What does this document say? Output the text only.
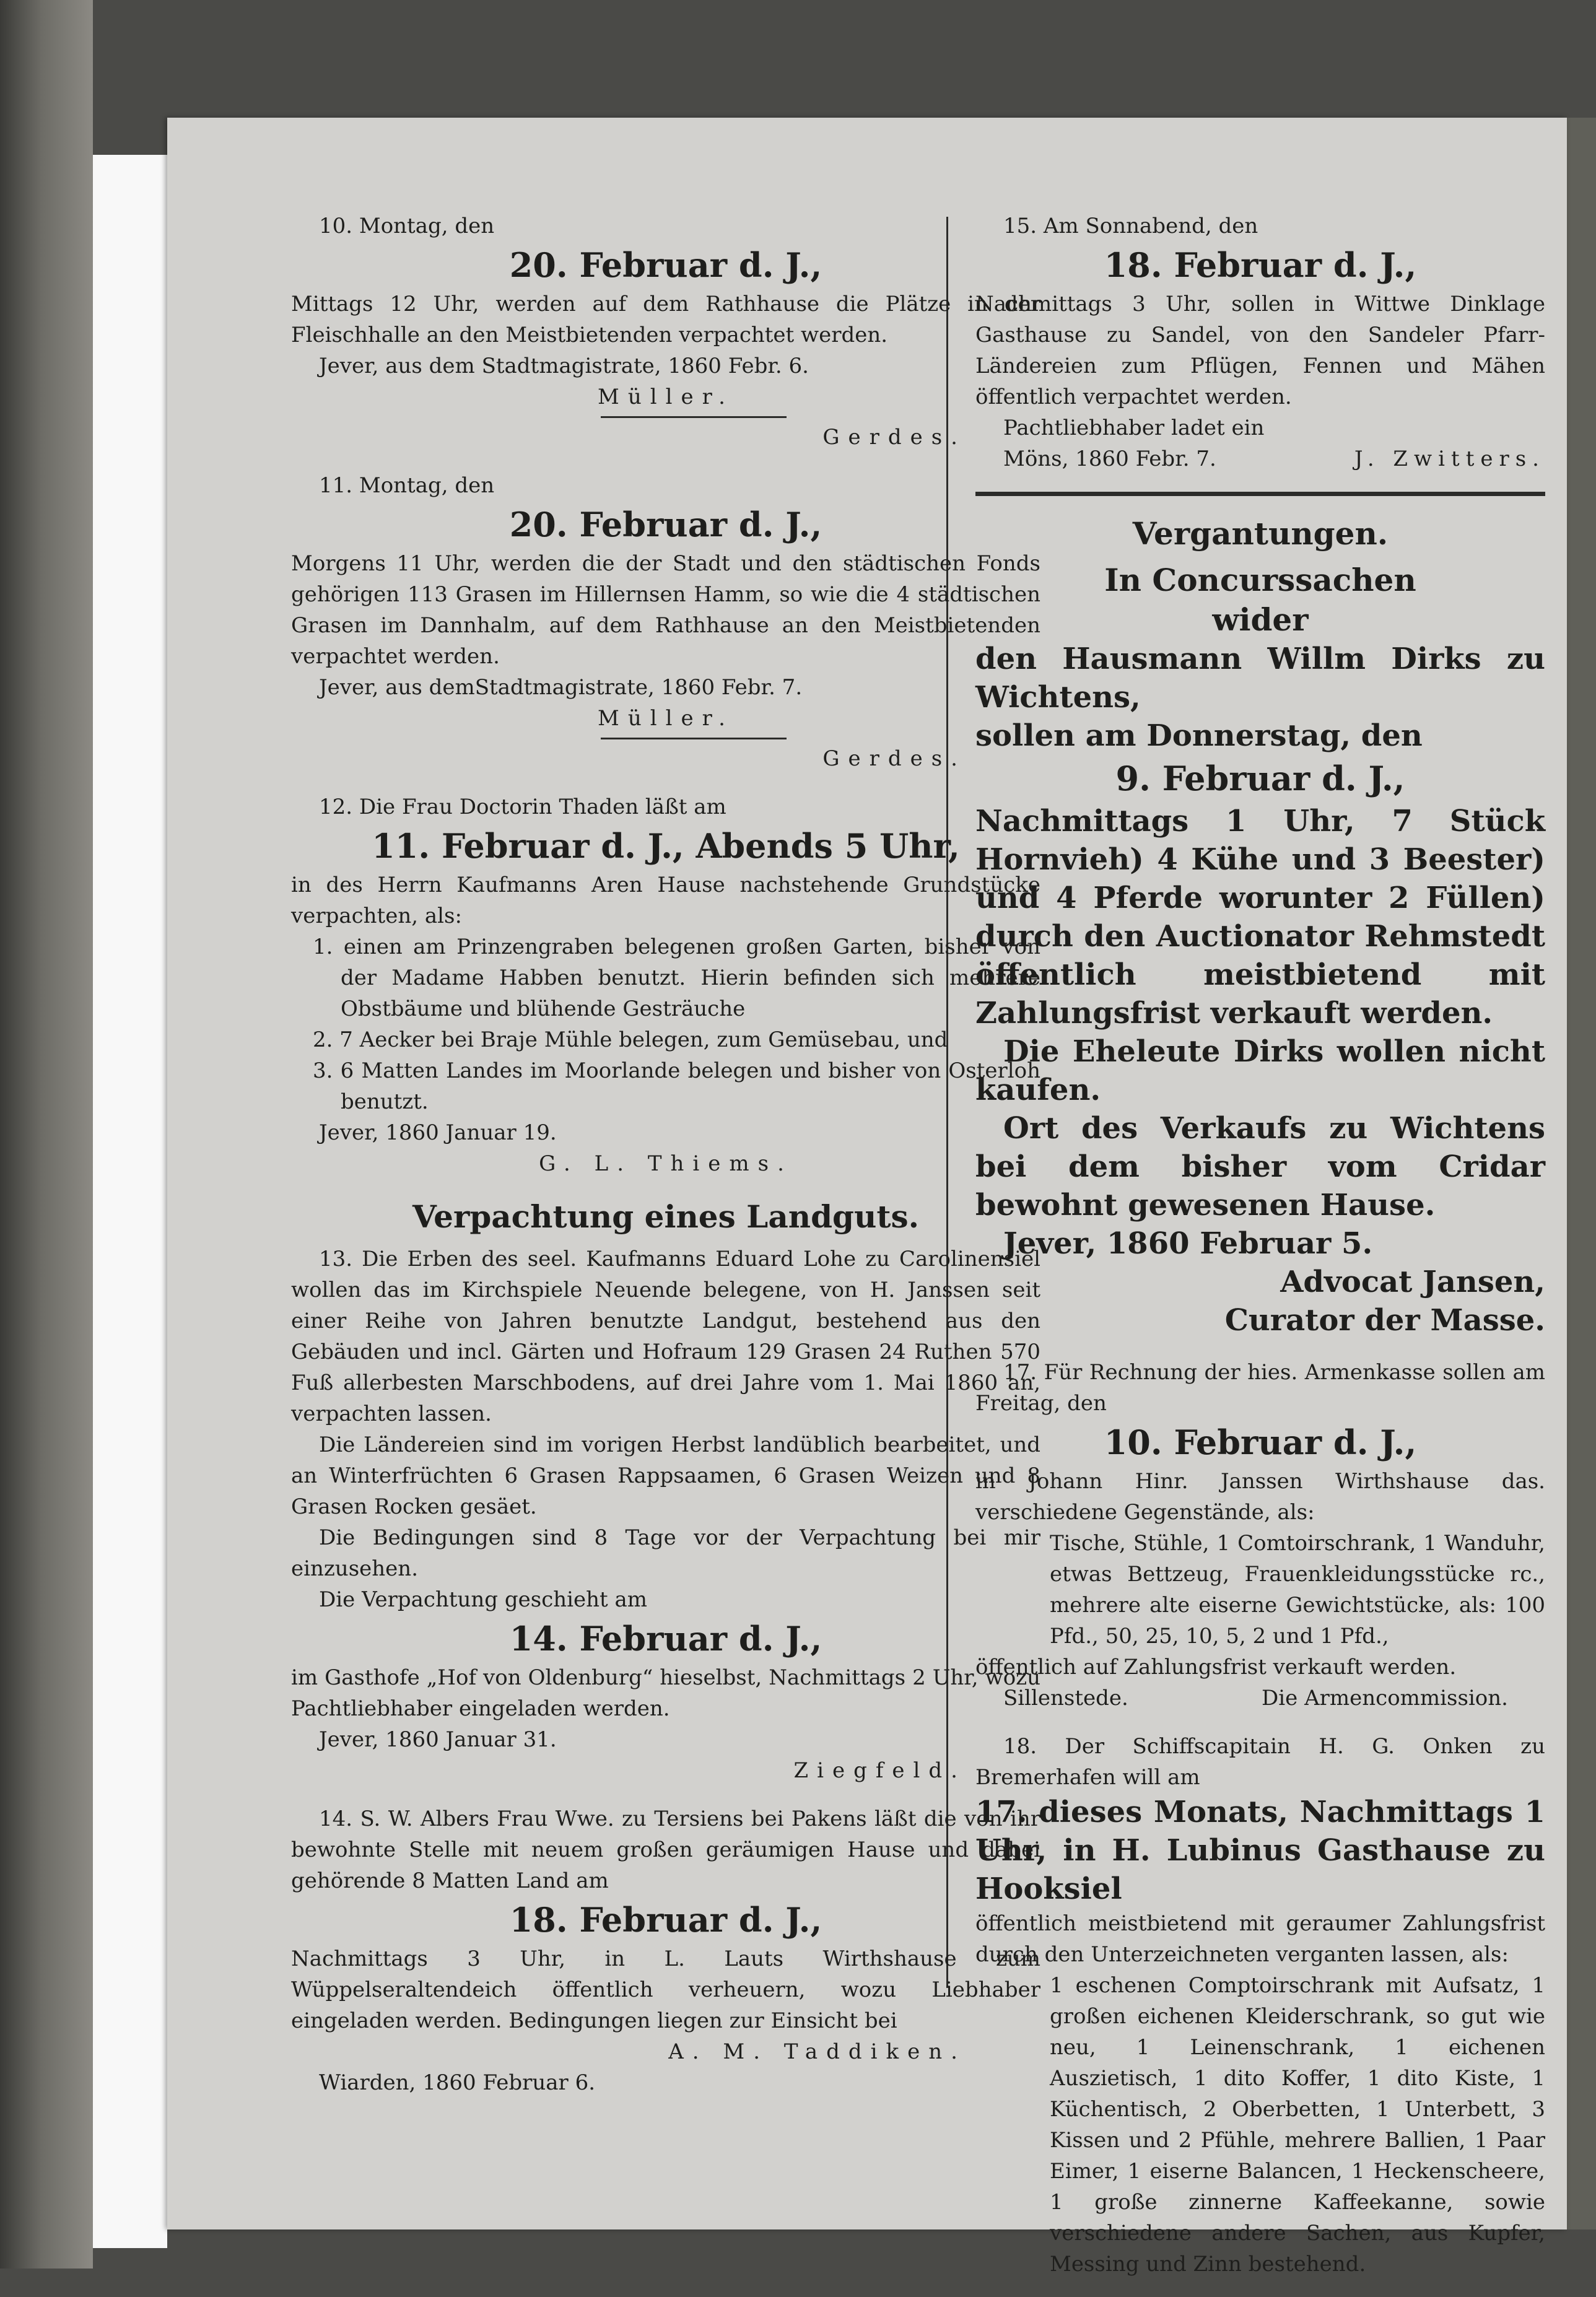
10. Montag, den

20. Februar d. J.,

Mittags 12 Uhr, werden auf dem Rathhause die Plätze in der Fleischhalle an den Meistbietenden verpachtet werden.

Jever, aus dem Stadtmagistrate, 1860 Febr. 6.

Müller.
Gerdes.

11. Montag, den

20. Februar d. J.,

Morgens 11 Uhr, werden die der Stadt und den städtischen Fonds gehörigen 113 Grasen im Hillernsen Hamm, so wie die 4 städtischen Grasen im Dannhalm, auf dem Rathhause an den Meistbietenden verpachtet werden.

Jever, aus demStadtmagistrate, 1860 Febr. 7.

Müller.
Gerdes.

12. Die Frau Doctorin Thaden läßt am

11. Februar d. J., Abends 5 Uhr,

in des Herrn Kaufmanns Aren Hause nachstehende Grundstücke verpachten, als:

1. einen am Prinzengraben belegenen großen Garten, bisher von der Madame Habben benutzt. Hierin befinden sich mehrere Obstbäume und blühende Gesträuche
2. 7 Aecker bei Braje Mühle belegen, zum Gemüsebau, und
3. 6 Matten Landes im Moorlande belegen und bisher von Osterloh benutzt.

Jever, 1860 Januar 19.

G. L. Thiems.
Verpachtung eines Landguts.

13. Die Erben des seel. Kaufmanns Eduard Lohe zu Carolinensiel wollen das im Kirchspiele Neuende belegene, von H. Janssen seit einer Reihe von Jahren benutzte Landgut, bestehend aus den Gebäuden und incl. Gärten und Hofraum 129 Grasen 24 Ruthen 570 Fuß allerbesten Marschbodens, auf drei Jahre vom 1. Mai 1860 an, verpachten lassen.

Die Ländereien sind im vorigen Herbst landüblich bearbeitet, und an Winterfrüchten 6 Grasen Rappsaamen, 6 Grasen Weizen und 8 Grasen Rocken gesäet.

Die Bedingungen sind 8 Tage vor der Verpachtung bei mir einzusehen.

Die Verpachtung geschieht am

14. Februar d. J.,

im Gasthofe „Hof von Oldenburg“ hieselbst, Nachmittags 2 Uhr, wozu Pachtliebhaber eingeladen werden.

Jever, 1860 Januar 31.

Ziegfeld.

14. S. W. Albers Frau Wwe. zu Tersiens bei Pakens läßt die von ihr bewohnte Stelle mit neuem großen geräumigen Hause und dabei gehörende 8 Matten Land am

18. Februar d. J.,

Nachmittags 3 Uhr, in L. Lauts Wirthshause zum Wüppelseraltendeich öffentlich verheuern, wozu Liebhaber eingeladen werden. Bedingungen liegen zur Einsicht bei

A. M. Taddiken.

Wiarden, 1860 Februar 6.

15. Am Sonnabend, den

18. Februar d. J.,

Nachmittags 3 Uhr, sollen in Wittwe Dinklage Gasthause zu Sandel, von den Sandeler Pfarr-Ländereien zum Pflügen, Fennen und Mähen öffentlich verpachtet werden.

Pachtliebhaber ladet ein

Möns, 1860 Febr. 7.	J. Zwitters.
Vergantungen.
In Concurssachen
wider

den Hausmann Willm Dirks zu Wichtens,

sollen am Donnerstag, den

9. Februar d. J.,

Nachmittags 1 Uhr, 7 Stück Hornvieh) 4 Kühe und 3 Beester) und 4 Pferde worunter 2 Füllen) durch den Auctionator Rehmstedt öffentlich meistbietend mit Zahlungsfrist verkauft werden.

Die Eheleute Dirks wollen nicht kaufen.

Ort des Verkaufs zu Wichtens bei dem bisher vom Cridar bewohnt gewesenen Hause.

Jever, 1860 Februar 5.

Advocat Jansen,
Curator der Masse.

17. Für Rechnung der hies. Armenkasse sollen am Freitag, den

10. Februar d. J.,

in Johann Hinr. Janssen Wirthshause das. verschiedene Gegenstände, als:

Tische, Stühle, 1 Comtoirschrank, 1 Wanduhr, etwas Bettzeug, Frauenkleidungsstücke rc., mehrere alte eiserne Gewichtstücke, als: 100 Pfd., 50, 25, 10, 5, 2 und 1 Pfd.,

öffentlich auf Zahlungsfrist verkauft werden.

Sillenstede.	Die Armencommission.

18. Der Schiffscapitain H. G. Onken zu Bremerhafen will am

17. dieses Monats, Nachmittags 1 Uhr, in H. Lubinus Gasthause zu Hooksiel

öffentlich meistbietend mit geraumer Zahlungsfrist durch den Unterzeichneten verganten lassen, als:

1 eschenen Comptoirschrank mit Aufsatz, 1 großen eichenen Kleiderschrank, so gut wie neu, 1 Leinenschrank, 1 eichenen Auszietisch, 1 dito Koffer, 1 dito Kiste, 1 Küchentisch, 2 Oberbetten, 1 Unterbett, 3 Kissen und 2 Pfühle, mehrere Ballien, 1 Paar Eimer, 1 eiserne Balancen, 1 Heckenscheere, 1 große zinnerne Kaffeekanne, sowie verschiedene andere Sachen, aus Kupfer, Messing und Zinn bestehend.
